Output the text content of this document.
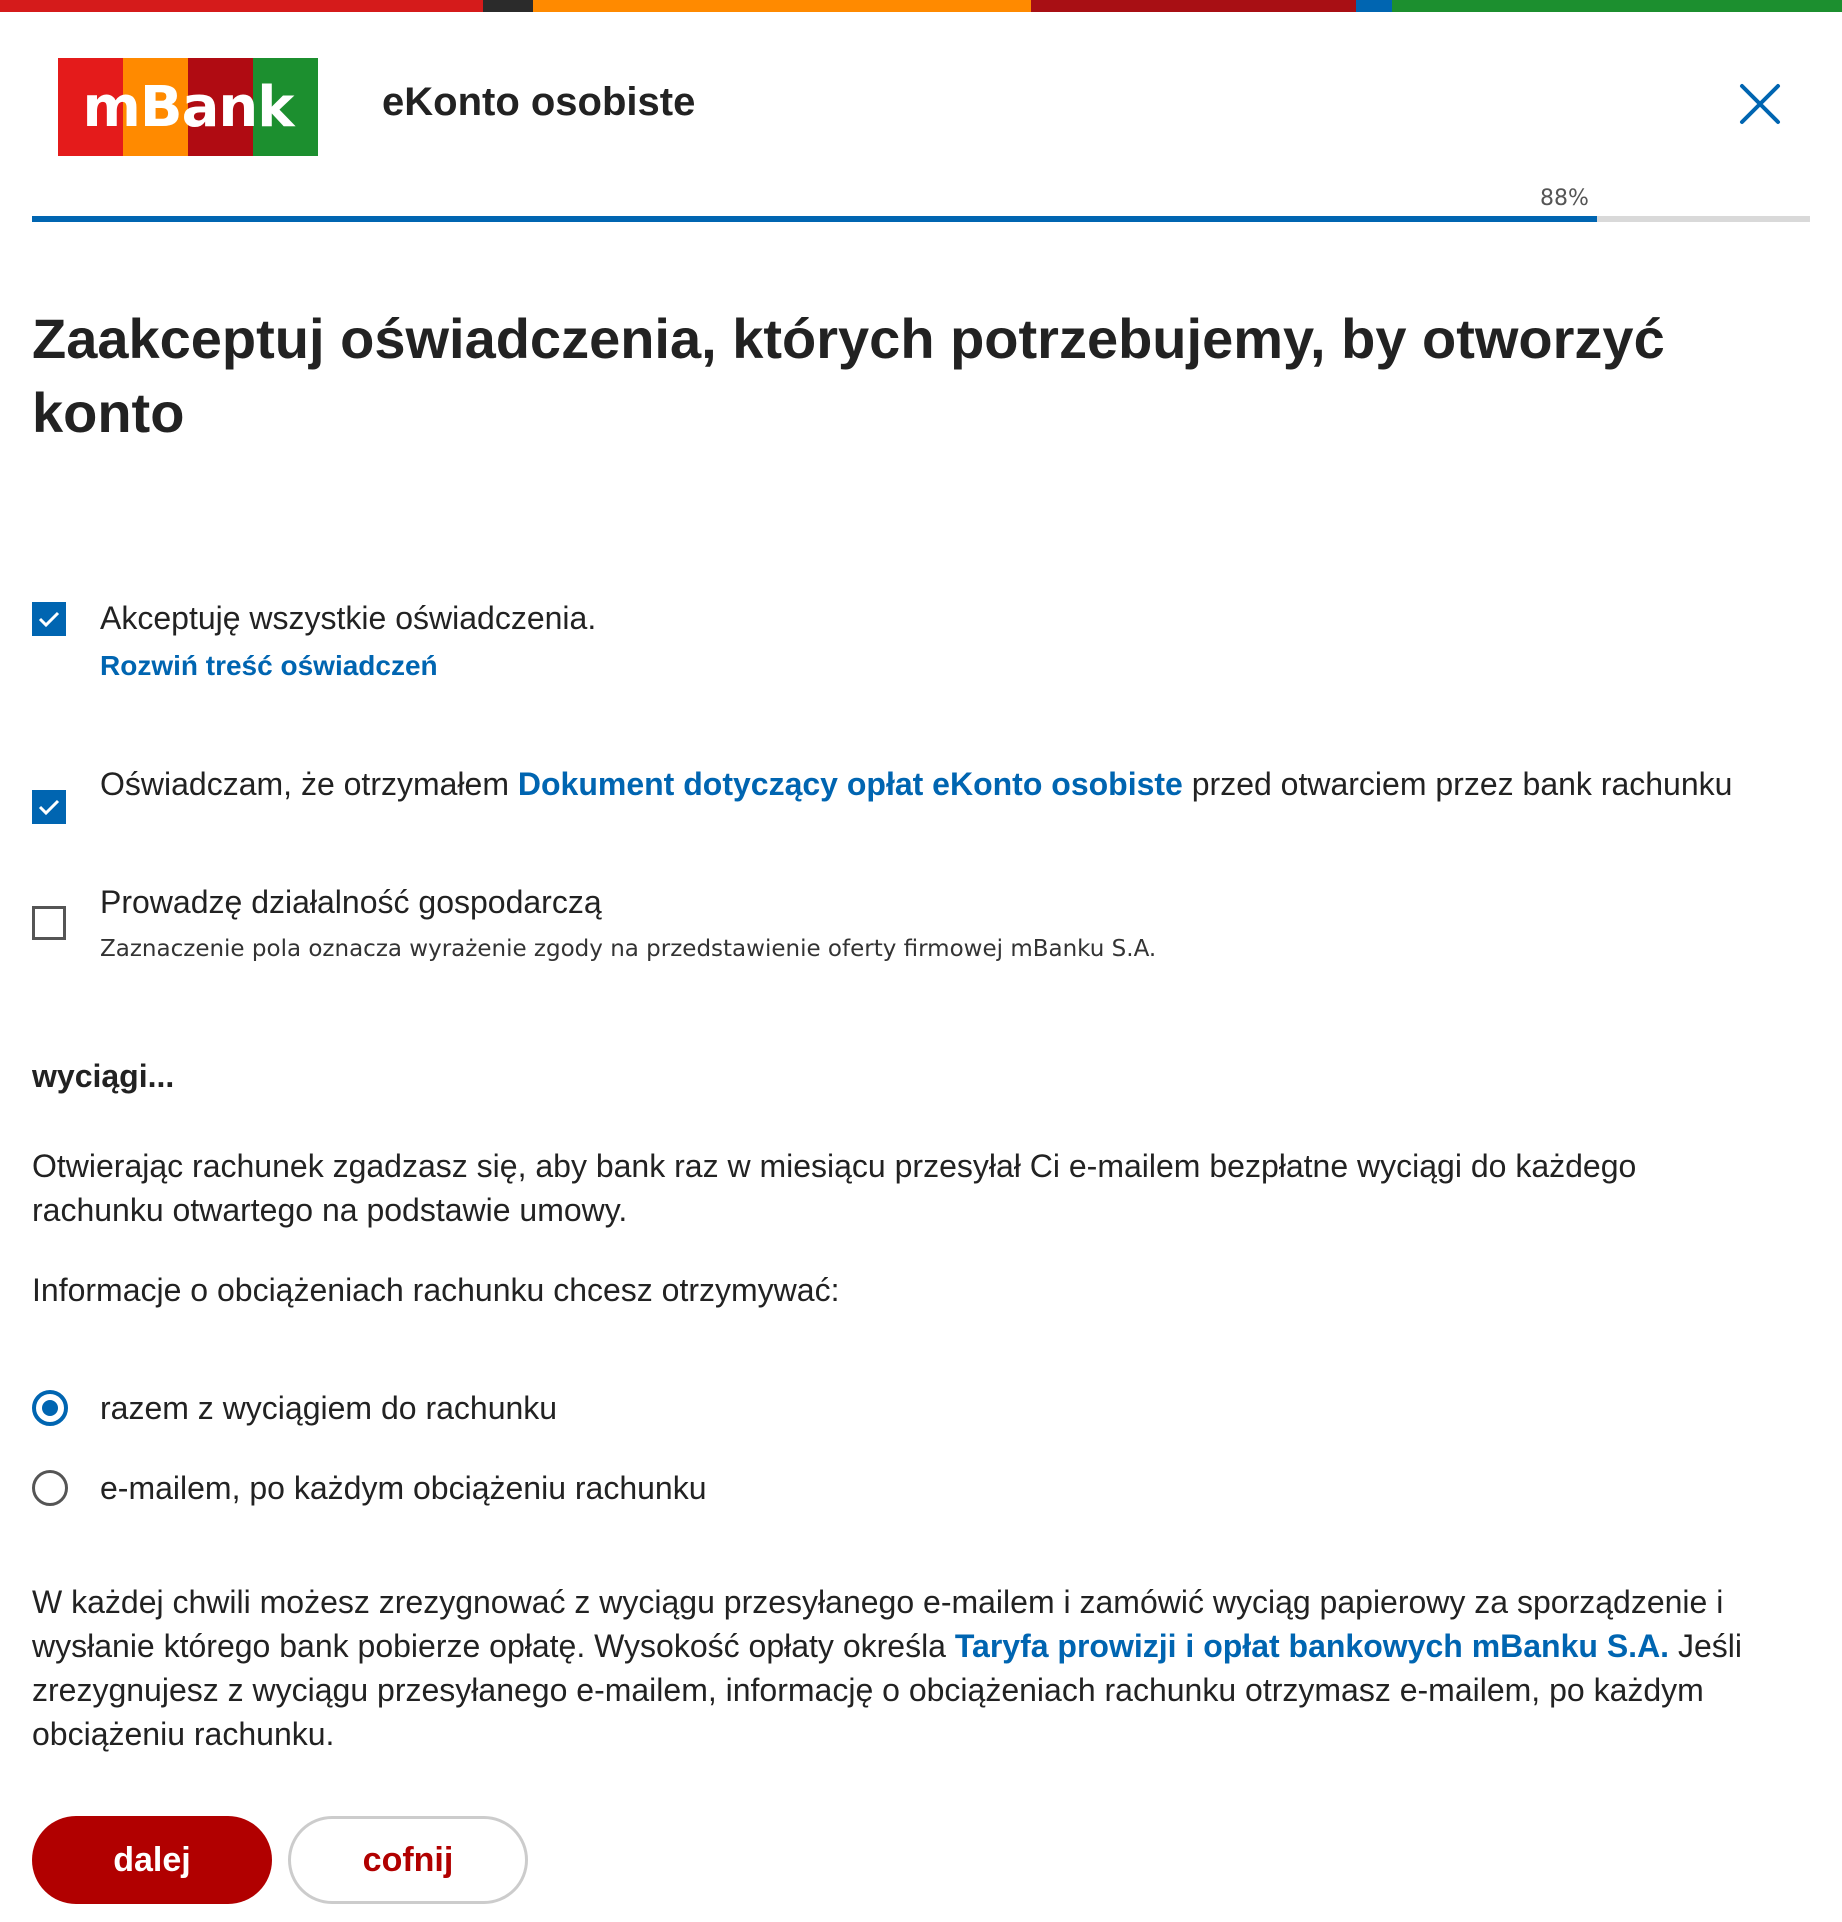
mBank	eKonto osobiste
88%
Zaakceptuj oświadczenia, których potrzebujemy, by otworzyć konto
Akceptuję wszystkie oświadczenia.
Rozwiń treść oświadczeń
Oświadczam, że otrzymałem Dokument dotyczący opłat eKonto osobiste przed otwarciem przez bank rachunku
Prowadzę działalność gospodarczą
Zaznaczenie pola oznacza wyrażenie zgody na przedstawienie oferty firmowej mBanku S.A.
wyciągi...
Otwierając rachunek zgadzasz się, aby bank raz w miesiącu przesyłał Ci e-mailem bezpłatne wyciągi do każdego rachunku otwartego na podstawie umowy.
Informacje o obciążeniach rachunku chcesz otrzymywać:
razem z wyciągiem do rachunku
e-mailem, po każdym obciążeniu rachunku
W każdej chwili możesz zrezygnować z wyciągu przesyłanego e-mailem i zamówić wyciąg papierowy za sporządzenie i wysłanie którego bank pobierze opłatę. Wysokość opłaty określa Taryfa prowizji i opłat bankowych mBanku S.A. Jeśli zrezygnujesz z wyciągu przesyłanego e-mailem, informację o obciążeniach rachunku otrzymasz e-mailem, po każdym obciążeniu rachunku.
dalej	cofnij
